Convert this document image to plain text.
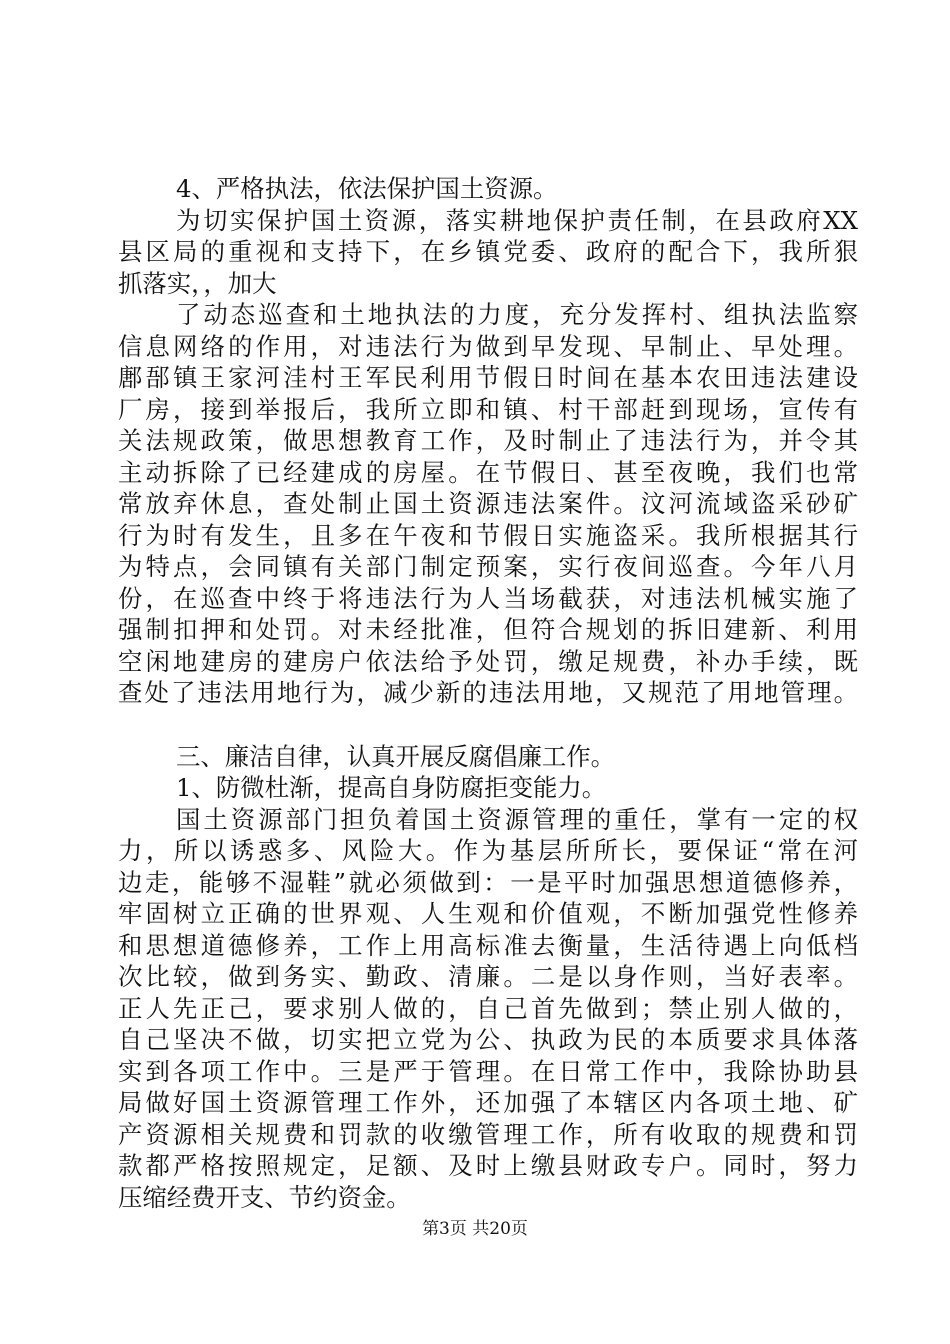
4、严格执法，依法保护国土资源。
为切实保护国土资源，落实耕地保护责任制，在县政府XX
县区局的重视和支持下，在乡镇党委、政府的配合下，我所狠
抓落实，，加大
了动态巡查和土地执法的力度，充分发挥村、组执法监察
信息网络的作用，对违法行为做到早发现、早制止、早处理。
鄌郚镇王家河洼村王军民利用节假日时间在基本农田违法建设
厂房，接到举报后，我所立即和镇、村干部赶到现场，宣传有
关法规政策，做思想教育工作，及时制止了违法行为，并令其
主动拆除了已经建成的房屋。在节假日、甚至夜晚，我们也常
常放弃休息，查处制止国土资源违法案件。汶河流域盗采砂矿
行为时有发生，且多在午夜和节假日实施盗采。我所根据其行
为特点，会同镇有关部门制定预案，实行夜间巡查。今年八月
份，在巡查中终于将违法行为人当场截获，对违法机械实施了
强制扣押和处罚。对未经批准，但符合规划的拆旧建新、利用
空闲地建房的建房户依法给予处罚，缴足规费，补办手续，既
查处了违法用地行为，减少新的违法用地，又规范了用地管理。
三、廉洁自律，认真开展反腐倡廉工作。
1、防微杜渐，提高自身防腐拒变能力。
国土资源部门担负着国土资源管理的重任，掌有一定的权
力，所以诱惑多、风险大。作为基层所所长，要保证“常在河
边走，能够不湿鞋”就必须做到：一是平时加强思想道德修养，
牢固树立正确的世界观、人生观和价值观，不断加强党性修养
和思想道德修养，工作上用高标准去衡量，生活待遇上向低档
次比较，做到务实、勤政、清廉。二是以身作则，当好表率。
正人先正己，要求别人做的，自己首先做到；禁止别人做的，
自己坚决不做，切实把立党为公、执政为民的本质要求具体落
实到各项工作中。三是严于管理。在日常工作中，我除协助县
局做好国土资源管理工作外，还加强了本辖区内各项土地、矿
产资源相关规费和罚款的收缴管理工作，所有收取的规费和罚
款都严格按照规定，足额、及时上缴县财政专户。同时，努力
压缩经费开支、节约资金。
第3页 共20页
